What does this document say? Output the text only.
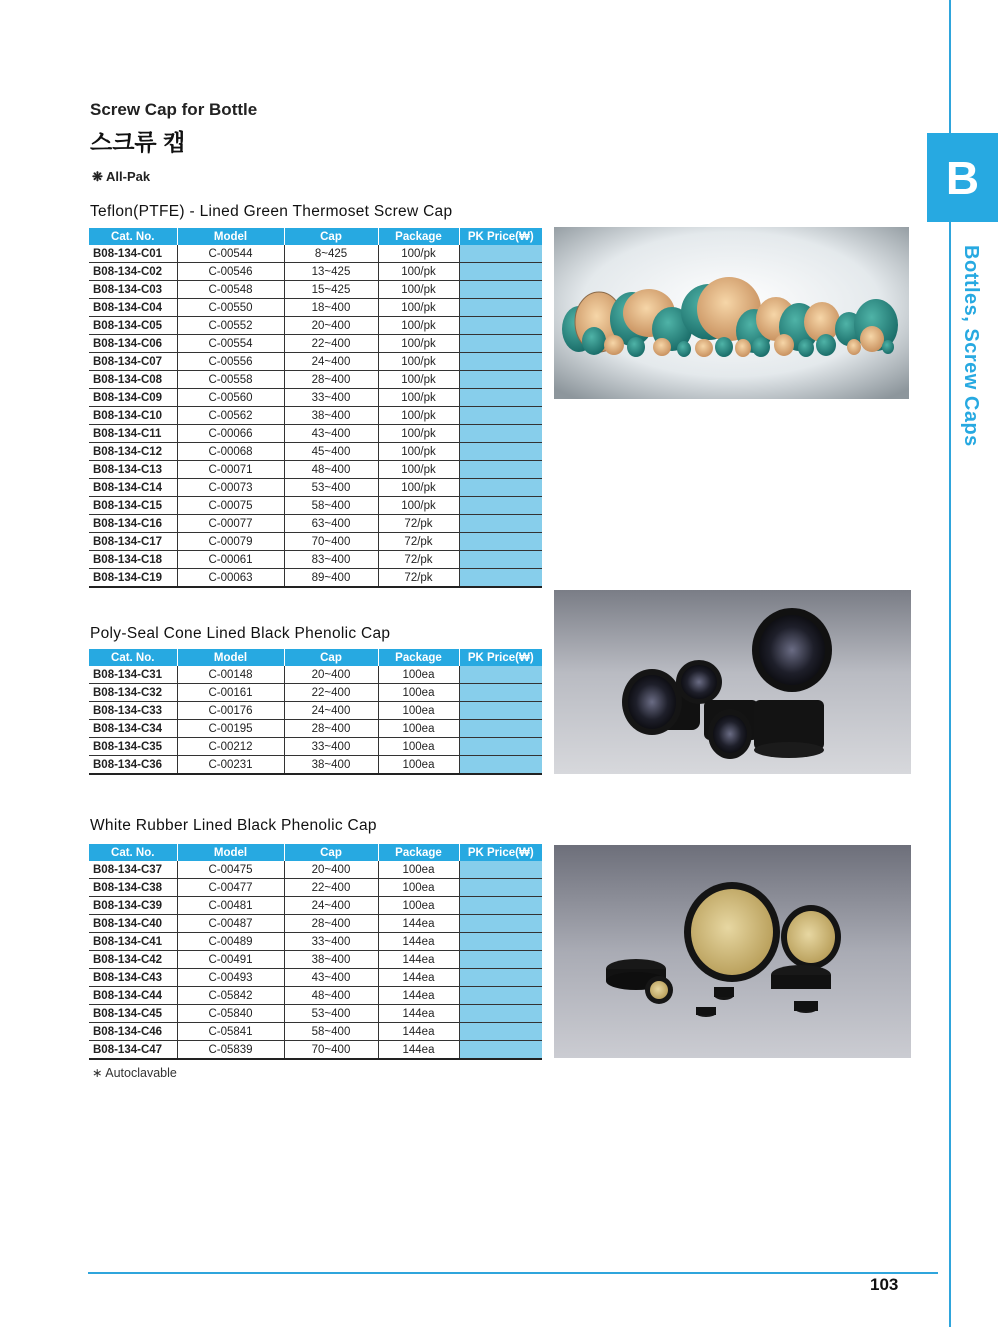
B
Bottles, Screw Caps
Screw Cap for Bottle
스크류 캡
❋ All-Pak
Teflon(PTFE) - Lined Green Thermoset Screw Cap
Cat. No.	Model	Cap	Package	PK Price(₩)
B08-134-C01	C-00544	8~425	100/pk	
B08-134-C02	C-00546	13~425	100/pk	
B08-134-C03	C-00548	15~425	100/pk	
B08-134-C04	C-00550	18~400	100/pk	
B08-134-C05	C-00552	20~400	100/pk	
B08-134-C06	C-00554	22~400	100/pk	
B08-134-C07	C-00556	24~400	100/pk	
B08-134-C08	C-00558	28~400	100/pk	
B08-134-C09	C-00560	33~400	100/pk	
B08-134-C10	C-00562	38~400	100/pk	
B08-134-C11	C-00066	43~400	100/pk	
B08-134-C12	C-00068	45~400	100/pk	
B08-134-C13	C-00071	48~400	100/pk	
B08-134-C14	C-00073	53~400	100/pk	
B08-134-C15	C-00075	58~400	100/pk	
B08-134-C16	C-00077	63~400	72/pk	
B08-134-C17	C-00079	70~400	72/pk	
B08-134-C18	C-00061	83~400	72/pk	
B08-134-C19	C-00063	89~400	72/pk	
Poly-Seal Cone Lined Black Phenolic Cap
Cat. No.	Model	Cap	Package	PK Price(₩)
B08-134-C31	C-00148	20~400	100ea	
B08-134-C32	C-00161	22~400	100ea	
B08-134-C33	C-00176	24~400	100ea	
B08-134-C34	C-00195	28~400	100ea	
B08-134-C35	C-00212	33~400	100ea	
B08-134-C36	C-00231	38~400	100ea	
White Rubber Lined Black Phenolic Cap
Cat. No.	Model	Cap	Package	PK Price(₩)
B08-134-C37	C-00475	20~400	100ea	
B08-134-C38	C-00477	22~400	100ea	
B08-134-C39	C-00481	24~400	100ea	
B08-134-C40	C-00487	28~400	144ea	
B08-134-C41	C-00489	33~400	144ea	
B08-134-C42	C-00491	38~400	144ea	
B08-134-C43	C-00493	43~400	144ea	
B08-134-C44	C-05842	48~400	144ea	
B08-134-C45	C-05840	53~400	144ea	
B08-134-C46	C-05841	58~400	144ea	
B08-134-C47	C-05839	70~400	144ea	
∗ Autoclavable
103
